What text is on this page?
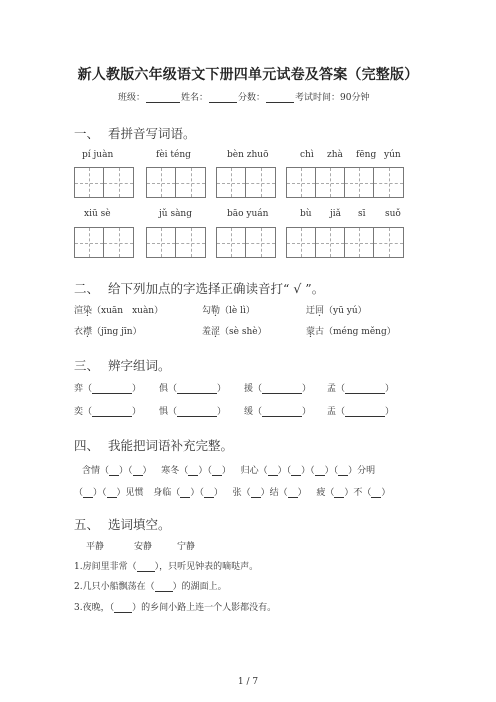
新人教版六年级语文下册四单元试卷及答案（完整版）
班级：	姓名：	分数：	考试时间：90分钟
一、 看拼音写词语。
pí juàn	fèi téng	bèn zhuō	chì zhà fēng yún
xiū sè	jǔ sàng	bāo yuán	bù jiǎ sī suǒ
二、 给下列加点的字选择正确读音打“ √ ”。
渲染（xuān　xuàn）	勾勒（lè lì）	迂回（yū yú）
衣襟（jīng jīn）	羞涩（sè shè）	蒙古（méng měng）
三、 辨字组词。
弈（	） 俱（	） 援（	） 孟（	）
奕（	） 惧（	） 缓（	） 盂（	）
四、 我能把词语补充完整。
含情（ ）（ ） 寒冬（ ）（ ） 归心（ ）（ ）（ ）（ ）分明
（ ）（ ）见惯 身临（ ）（ ） 张（ ）结（ ） 疲（ ）不（ ）
五、 选词填空。
平静	安静	宁静
1.房间里非常（ ），只听见钟表的嘀哒声。
2.几只小船飘荡在（ ）的湖面上。
3.夜晚，（ ）的乡间小路上连一个人影都没有。
1 / 7
